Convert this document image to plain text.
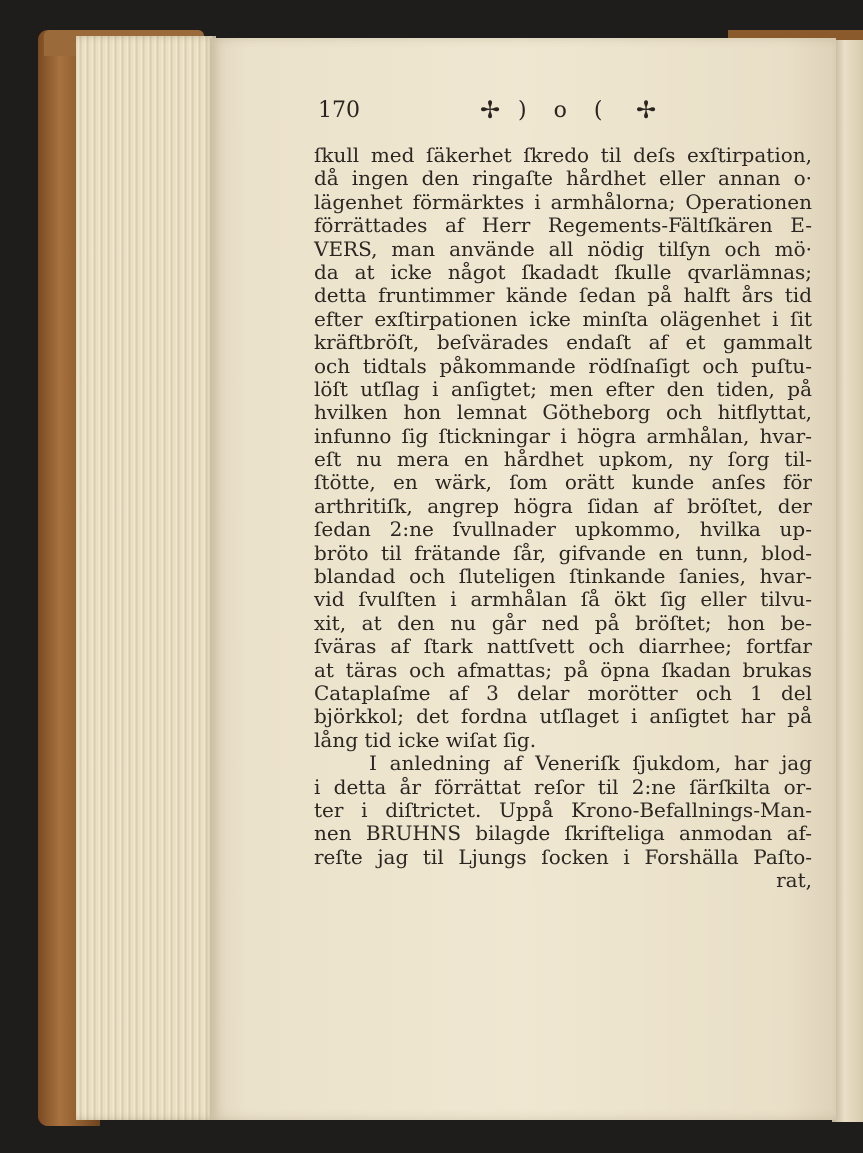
170	✢ ) o ( ✢
ſkull med ſäkerhet ſkredo til deſs exſtirpation,
då ingen den ringaſte hårdhet eller annan o·
lägenhet förmärktes i armhålorna; Operationen
förrättades af Herr Regements-Fältſkären E-
VERS, man använde all nödig tilſyn och mö·
da at icke något ſkadadt ſkulle qvarlämnas;
detta fruntimmer kände ſedan på halft års tid
efter exſtirpationen icke minſta olägenhet i ſit
kräftbröſt, beſvärades endaſt af et gammalt
och tidtals påkommande rödſnaſigt och puſtu-
löſt utſlag i anſigtet; men efter den tiden, på
hvilken hon lemnat Götheborg och hitflyttat,
infunno ſig ſtickningar i högra armhålan, hvar-
eſt nu mera en hårdhet upkom, ny ſorg til-
ſtötte, en wärk, ſom orätt kunde anſes för
arthritiſk, angrep högra ſidan af bröſtet, der
ſedan 2:ne ſvullnader upkommo, hvilka up-
bröto til frätande ſår, gifvande en tunn, blod-
blandad och ſluteligen ſtinkande ſanies, hvar-
vid ſvulſten i armhålan ſå ökt ſig eller tilvu-
xit, at den nu går ned på bröſtet; hon be-
ſväras af ſtark nattſvett och diarrhee; fortfar
at täras och afmattas; på öpna ſkadan brukas
Cataplaſme af 3 delar morötter och 1 del
björkkol; det fordna utſlaget i anſigtet har på
lång tid icke wiſat ſig.
I anledning af Veneriſk ſjukdom, har jag
i detta år förrättat reſor til 2:ne ſärſkilta or-
ter i diſtrictet. Uppå Krono-Befallnings-Man-
nen BRUHNS bilagde ſkrifteliga anmodan af-
reſte jag til Ljungs ſocken i Forshälla Paſto-
rat,
